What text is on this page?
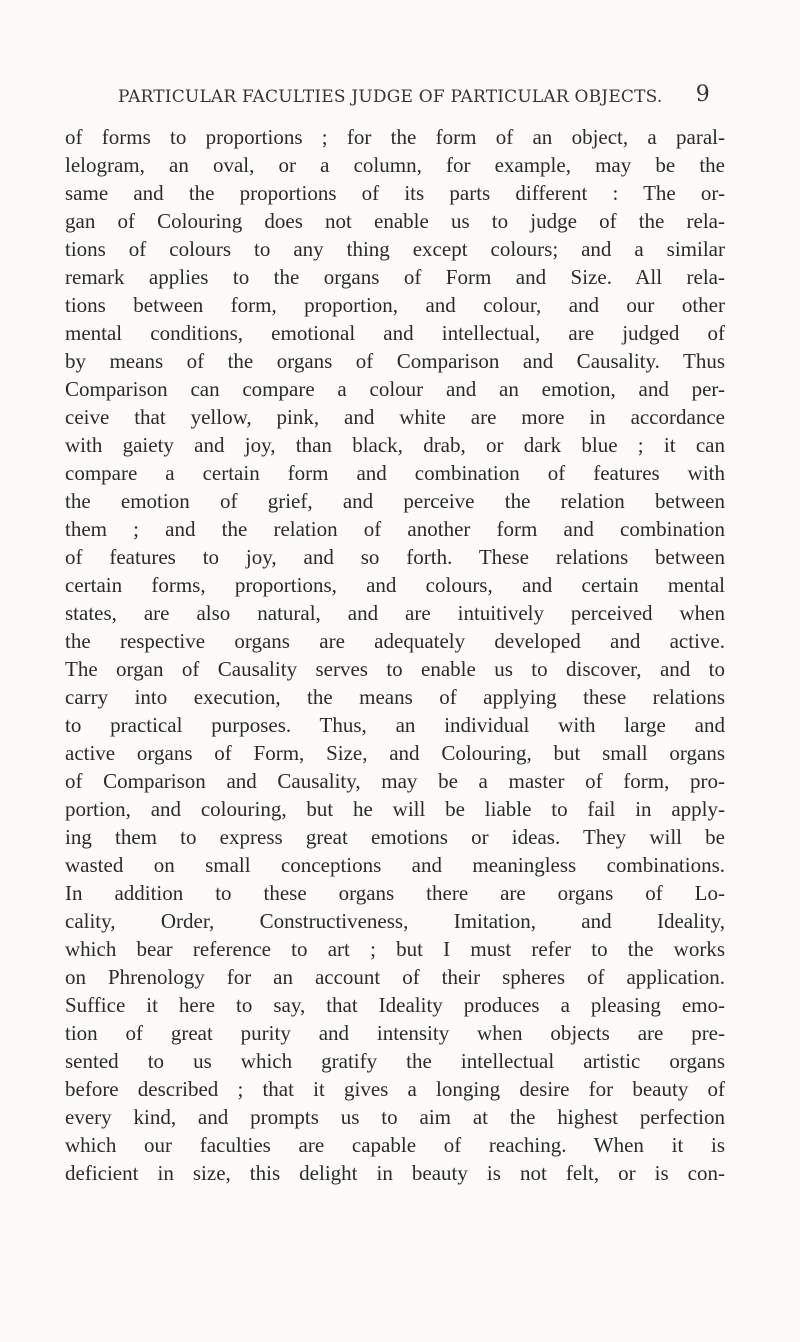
PARTICULAR FACULTIES JUDGE OF PARTICULAR OBJECTS. 9
of forms to proportions ; for the form of an object, a paral-
lelogram, an oval, or a column, for example, may be the
same and the proportions of its parts different : The or-
gan of Colouring does not enable us to judge of the rela-
tions of colours to any thing except colours; and a similar
remark applies to the organs of Form and Size. All rela-
tions between form, proportion, and colour, and our other
mental conditions, emotional and intellectual, are judged of
by means of the organs of Comparison and Causality. Thus
Comparison can compare a colour and an emotion, and per-
ceive that yellow, pink, and white are more in accordance
with gaiety and joy, than black, drab, or dark blue ; it can
compare a certain form and combination of features with
the emotion of grief, and perceive the relation between
them ; and the relation of another form and combination
of features to joy, and so forth. These relations between
certain forms, proportions, and colours, and certain mental
states, are also natural, and are intuitively perceived when
the respective organs are adequately developed and active.
The organ of Causality serves to enable us to discover, and to
carry into execution, the means of applying these relations
to practical purposes. Thus, an individual with large and
active organs of Form, Size, and Colouring, but small organs
of Comparison and Causality, may be a master of form, pro-
portion, and colouring, but he will be liable to fail in apply-
ing them to express great emotions or ideas. They will be
wasted on small conceptions and meaningless combinations.
In addition to these organs there are organs of Lo-
cality, Order, Constructiveness, Imitation, and Ideality,
which bear reference to art ; but I must refer to the works
on Phrenology for an account of their spheres of application.
Suffice it here to say, that Ideality produces a pleasing emo-
tion of great purity and intensity when objects are pre-
sented to us which gratify the intellectual artistic organs
before described ; that it gives a longing desire for beauty of
every kind, and prompts us to aim at the highest perfection
which our faculties are capable of reaching. When it is
deficient in size, this delight in beauty is not felt, or is con-
